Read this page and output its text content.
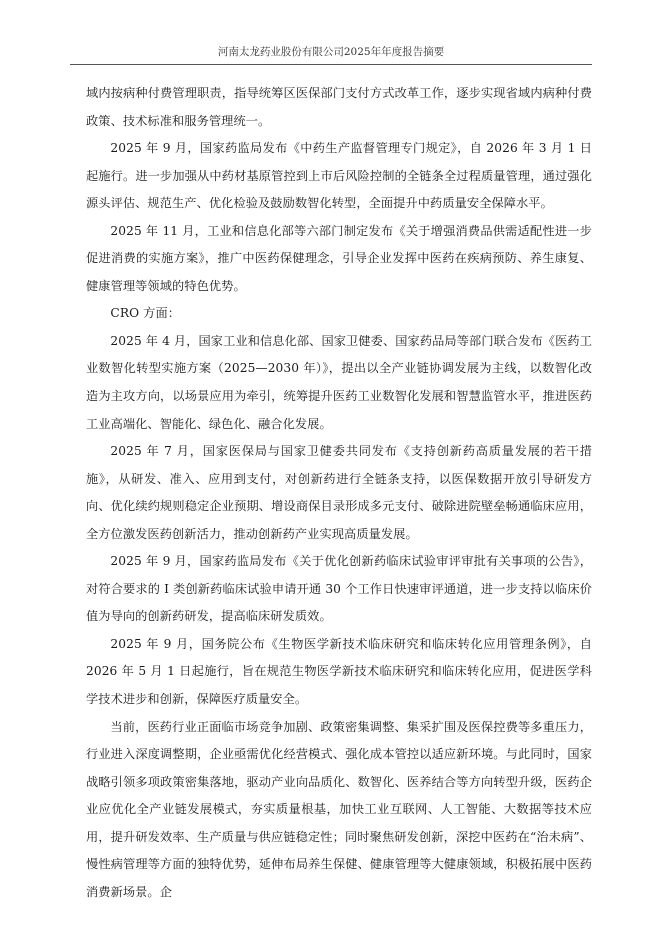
河南太龙药业股份有限公司2025年年度报告摘要

域内按病种付费管理职责，指导统筹区医保部门支付方式改革工作，逐步实现省域内病种付费政策、技术标准和服务管理统一。

2025 年 9 月，国家药监局发布《中药生产监督管理专门规定》，自 2026 年 3 月 1 日起施行。进一步加强从中药材基原管控到上市后风险控制的全链条全过程质量管理，通过强化源头评估、规范生产、优化检验及鼓励数智化转型，全面提升中药质量安全保障水平。

2025 年 11 月，工业和信息化部等六部门制定发布《关于增强消费品供需适配性进一步促进消费的实施方案》，推广中医药保健理念，引导企业发挥中医药在疾病预防、养生康复、健康管理等领域的特色优势。

CRO 方面：

2025 年 4 月，国家工业和信息化部、国家卫健委、国家药品局等部门联合发布《医药工业数智化转型实施方案（2025—2030 年）》，提出以全产业链协调发展为主线，以数智化改造为主攻方向，以场景应用为牵引，统筹提升医药工业数智化发展和智慧监管水平，推进医药工业高端化、智能化、绿色化、融合化发展。

2025 年 7 月，国家医保局与国家卫健委共同发布《支持创新药高质量发展的若干措施》，从研发、准入、应用到支付，对创新药进行全链条支持，以医保数据开放引导研发方向、优化续约规则稳定企业预期、增设商保目录形成多元支付、破除进院壁垒畅通临床应用，全方位激发医药创新活力，推动创新药产业实现高质量发展。

2025 年 9 月，国家药监局发布《关于优化创新药临床试验审评审批有关事项的公告》，对符合要求的 I 类创新药临床试验申请开通 30 个工作日快速审评通道，进一步支持以临床价值为导向的创新药研发，提高临床研发质效。

2025 年 9 月，国务院公布《生物医学新技术临床研究和临床转化应用管理条例》，自 2026 年 5 月 1 日起施行，旨在规范生物医学新技术临床研究和临床转化应用，促进医学科学技术进步和创新，保障医疗质量安全。

当前，医药行业正面临市场竞争加剧、政策密集调整、集采扩围及医保控费等多重压力，行业进入深度调整期，企业亟需优化经营模式、强化成本管控以适应新环境。与此同时，国家战略引领多项政策密集落地，驱动产业向品质化、数智化、医养结合等方向转型升级，医药企业应优化全产业链发展模式，夯实质量根基，加快工业互联网、人工智能、大数据等技术应用，提升研发效率、生产质量与供应链稳定性；同时聚焦研发创新，深挖中医药在“治未病”、慢性病管理等方面的独特优势，延伸布局养生保健、健康管理等大健康领域，积极拓展中医药消费新场景。企
